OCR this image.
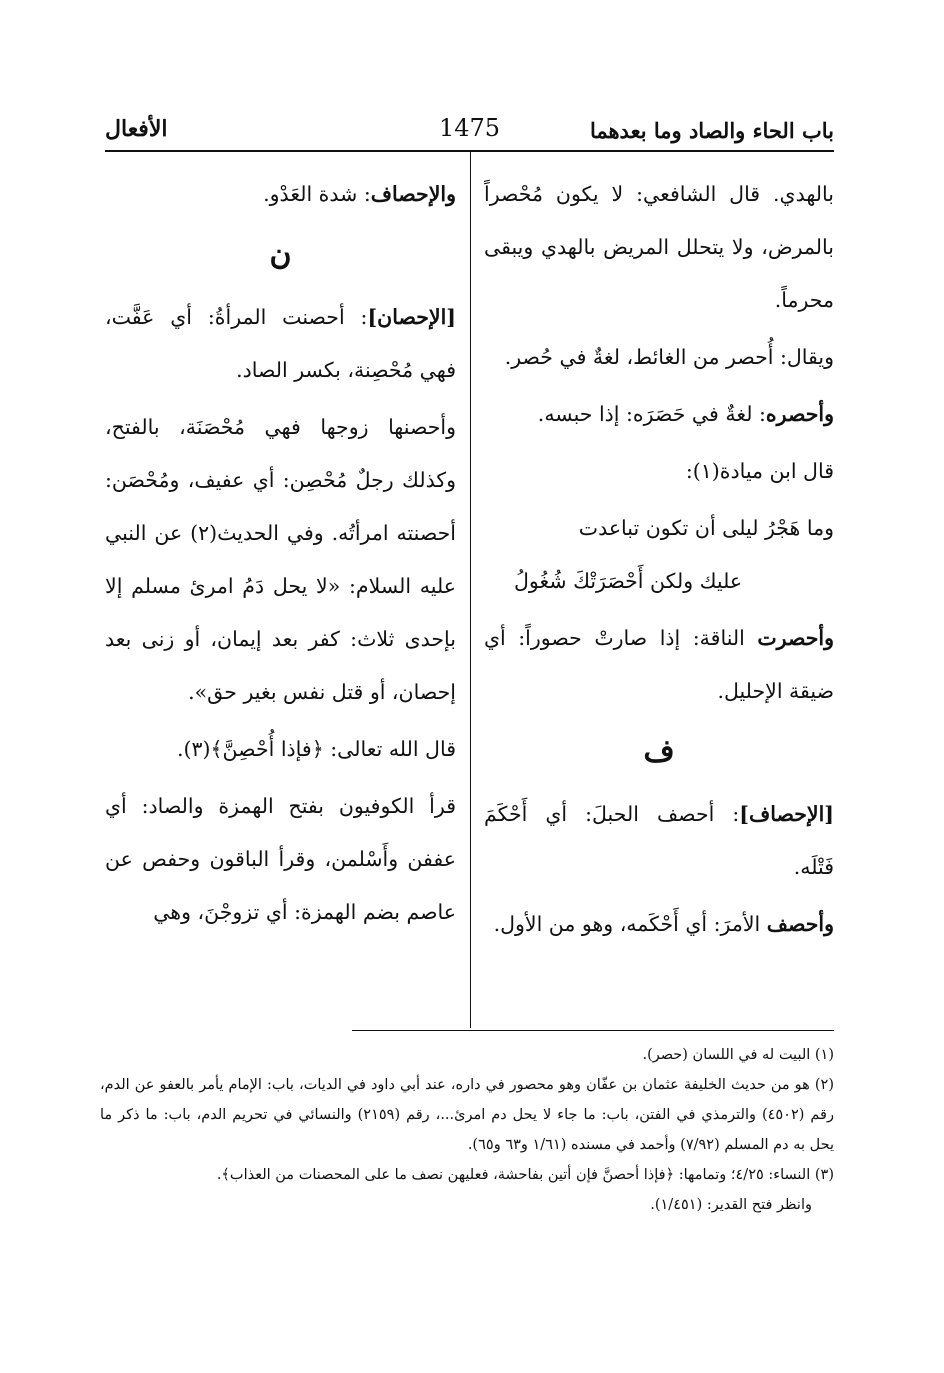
باب الحاء والصاد وما بعدهما
1475
الأفعال

بالهدي. قال الشافعي: لا يكون مُحْصراً بالمرض، ولا يتحلل المريض بالهدي ويبقى محرماً.

ويقال: أُحصر من الغائط، لغةٌ في حُصر.

وأحصره: لغةٌ في حَصَرَه: إذا حبسه.

قال ابن ميادة(١):

وما هَجْرُ ليلى أن تكون تباعدت

عليك ولكن أَحْصَرَتْكَ شُغُولُ

وأحصرت الناقة: إذا صارتْ حصوراً: أي ضيقة الإحليل.

ف

[الإحصاف]: أحصف الحبلَ: أي أَحْكَمَ فَتْلَه.

وأحصف الأمرَ: أي أَحْكَمه، وهو من الأول.

والإحصاف: شدة العَدْو.

ن

[الإحصان]: أحصنت المرأةُ: أي عَفَّت، فهي مُحْصِنة، بكسر الصاد.

وأحصنها زوجها فهي مُحْصَنَة، بالفتح، وكذلك رجلٌ مُحْصِن: أي عفيف، ومُحْصَن: أحصنته امرأتُه. وفي الحديث(٢) عن النبي عليه السلام: «لا يحل دَمُ امرئ مسلم إلا بإحدى ثلاث: كفر بعد إيمان، أو زنى بعد إحصان، أو قتل نفس بغير حق».

قال الله تعالى: ﴿فإذا أُحْصِنَّ﴾(٣).

قرأ الكوفيون بفتح الهمزة والصاد: أي عففن وأَسْلمن، وقرأ الباقون وحفص عن عاصم بضم الهمزة: أي تزوجْنَ، وهي

(١) البيت له في اللسان (حصر).

(٢) هو من حديث الخليفة عثمان بن عفّان وهو محصور في داره، عند أبي داود في الديات، باب: الإمام يأمر بالعفو عن الدم، رقم (٤٥٠٢) والترمذي في الفتن، باب: ما جاء لا يحل دم امرئ...، رقم (٢١٥٩) والنسائي في تحريم الدم، باب: ما ذكر ما يحل به دم المسلم (٧/٩٢) وأحمد في مسنده (١/٦١ و٦٣ و٦٥).

(٣) النساء: ٤/٢٥؛ وتمامها: ﴿فإذا أحصنَّ فإن أتين بفاحشة، فعليهن نصف ما على المحصنات من العذاب﴾.

وانظر فتح القدير: (١/٤٥١).
